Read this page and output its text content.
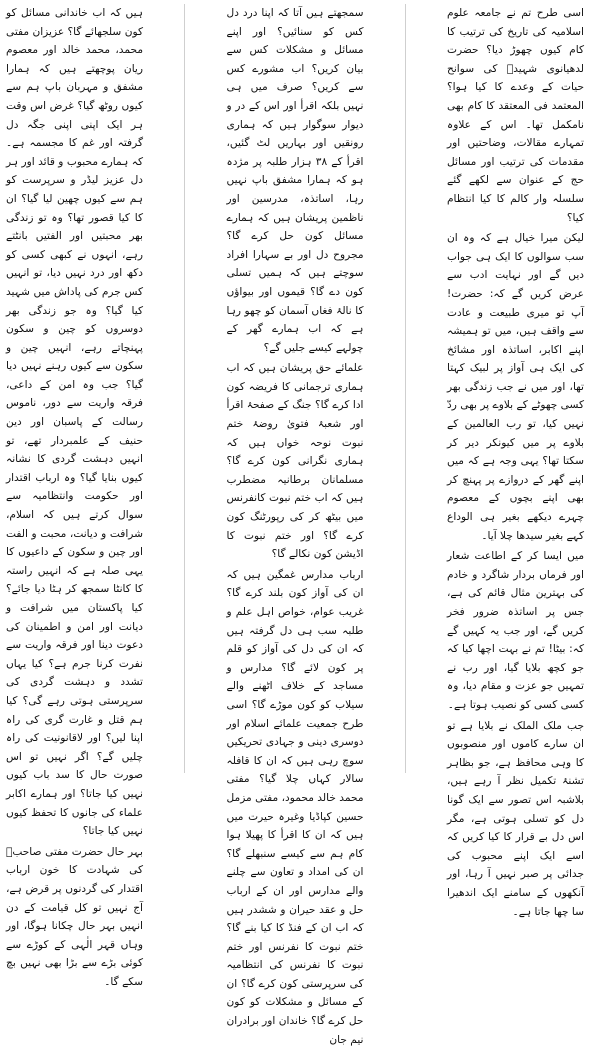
اسی طرح تم نے جامعہ علوم اسلامیہ کی تاریخ کی ترتیب کا کام کیوں چھوڑ دیا؟ حضرت لدھیانوی شہیدؒ کی سوانح حیات کے وعدے کا کیا ہوا؟ المعتمد فی المعتقد کا کام بھی نامکمل تھا۔ اس کے علاوہ تمہارے مقالات، وضاحتیں اور مقدمات کی ترتیب اور مسائل حج کے عنوان سے لکھے گئے سلسلہ وار کالم کا کیا انتظام کیا؟

لیکن میرا خیال ہے کہ وہ ان سب سوالوں کا ایک ہی جواب دیں گے اور نہایت ادب سے عرض کریں گے کہ: حضرت! آپ تو میری طبیعت و عادت سے واقف ہیں، میں تو ہمیشہ اپنے اکابر، اساتذہ اور مشائخ کی ایک ہی آواز پر لبیک کہتا تھا، اور میں نے جب زندگی بھر کسی چھوٹے کے بلاوے پر بھی ردّ نہیں کیا، تو رب العالمین کے بلاوے پر میں کیونکر دیر کر سکتا تھا؟ یہی وجہ ہے کہ میں اپنے گھر کے دروازے پر پہنچ کر بھی اپنے بچوں کے معصوم چہرے دیکھے بغیر ہی الوداع کہے بغیر سیدھا چلا آیا۔

میں ایسا کر کے اطاعت شعار اور فرماں بردار شاگرد و خادم کی بہترین مثال قائم کی ہے، جس پر اساتذہ ضرور فخر کریں گے، اور جب یہ کہیں گے کہ: بیٹا! تم نے بہت اچھا کیا کہ جو کچھ بلایا گیا، اور رب نے تمہیں جو عزت و مقام دیا، وہ کسی کسی کو نصیب ہوتا ہے۔

جب ملک الملک نے بلایا ہے تو ان سارے کاموں اور منصوبوں کا وہی محافظ ہے، جو بظاہر تشنۂ تکمیل نظر آ رہے ہیں، بلاشبہ اس تصور سے ایک گونا دل کو تسلی ہوتی ہے، مگر اس دل بے قرار کا کیا کریں کہ اسے ایک اپنے محبوب کی جدائی پر صبر نہیں آ رہا، اور آنکھوں کے سامنے ایک اندھیرا سا چھا جاتا ہے۔

سمجھتے ہیں آتا کہ اپنا درد دل کس کو سنائیں؟ اور اپنے مسائل و مشکلات کس سے بیان کریں؟ اب مشورے کس سے کریں؟ صرف میں ہی نہیں بلکہ اقرأ اور اس کے در و دیوار سوگوار ہیں کہ ہماری رونقیں اور بہاریں لٹ گئیں، اقرأ کے ۳۸ ہزار طلبہ پر مژدہ ہو کہ ہمارا مشفق باپ نہیں رہا، اساتذہ، مدرسین اور ناظمین پریشان ہیں کہ ہمارے مسائل کون حل کرے گا؟ مجروح دل اور بے سہارا افراد سوچتے ہیں کہ ہمیں تسلی کون دے گا؟ قیموں اور بیواؤں کا نالۂ فغاں آسمان کو چھو رہا ہے کہ اب ہمارے گھر کے چولہے کیسے جلیں گے؟

علمائے حق پریشان ہیں کہ اب ہماری ترجمانی کا فریضہ کون ادا کرے گا؟ جنگ کے صفحۂ اقرأ اور شعبۂ فتویٰ روضۂ ختم نبوت نوحہ خواں ہیں کہ ہماری نگرانی کون کرے گا؟ مسلمانان برطانیہ مضطرب ہیں کہ اب ختم نبوت کانفرنس میں بیٹھ کر کی رپورٹنگ کون کرے گا؟ اور ختم نبوت کا اڈیشن کون نکالے گا؟

ارباب مدارس غمگین ہیں کہ ان کی آواز کون بلند کرے گا؟ غریب عوام، خواص اہل علم و طلبہ سب ہی دل گرفتہ ہیں کہ ان کی دل کی آواز کو قلم پر کون لائے گا؟ مدارس و مساجد کے خلاف اٹھنے والے سیلاب کو کون موڑے گا؟ اسی طرح جمعیت علمائے اسلام اور دوسری دینی و جہادی تحریکیں سوچ رہی ہیں کہ ان کا قافلہ سالار کہاں چلا گیا؟ مفتی محمد خالد محمود، مفتی مزمل حسین کپاڈیا وغیرہ حیرت میں ہیں کہ ان کا اقرأ کا پھیلا ہوا کام ہم سے کیسے سنبھلے گا؟ ان کی امداد و تعاون سے چلنے والے مدارس اور ان کے ارباب حل و عقد حیران و ششدر ہیں کہ اب ان کے فنڈ کا کیا بنے گا؟ ختم نبوت کا نفرنس اور ختم نبوت کا نفرنس کی انتظامیہ کی سرپرستی کون کرے گا؟ ان کے مسائل و مشکلات کو کون حل کرے گا؟ خاندان اور برادران نیم جان

ہیں کہ اب خاندانی مسائل کو کون سلجھائے گا؟ عزیزان مفتی محمد، محمد خالد اور معصوم ریان پوچھتے ہیں کہ ہمارا مشفق و مہربان باپ ہم سے کیوں روٹھ گیا؟ غرض اس وقت ہر ایک اپنی اپنی جگہ دل گرفتہ اور غم کا مجسمہ ہے۔ کہ ہمارے محبوب و قائد اور ہر دل عزیز لیڈر و سرپرست کو ہم سے کیوں چھین لیا گیا؟ ان کا کیا قصور تھا؟ وہ تو زندگی بھر محبتیں اور الفتیں بانٹتے رہے، انہوں نے کبھی کسی کو دکھ اور درد نہیں دیا، تو انہیں کس جرم کی پاداش میں شہید کیا گیا؟ وہ جو زندگی بھر دوسروں کو چین و سکون پہنچاتے رہے، انہیں چین و سکون سے کیوں رہنے نہیں دیا گیا؟ جب وہ امن کے داعی، فرقہ واریت سے دور، ناموس رسالت کے پاسبان اور دین حنیف کے علمبردار تھے، تو انہیں دہشت گردی کا نشانہ کیوں بنایا گیا؟ وہ ارباب اقتدار اور حکومت وانتظامیہ سے سوال کرتے ہیں کہ اسلام، شرافت و دیانت، محبت و الفت اور چین و سکون کے داعیوں کا یہی صلہ ہے کہ انہیں راستہ کا کانٹا سمجھ کر ہٹا دیا جائے؟ کیا پاکستان میں شرافت و دیانت اور امن و اطمینان کی دعوت دینا اور فرقہ واریت سے نفرت کرنا جرم ہے؟ کیا یہاں تشدد و دہشت گردی کی سرپرستی ہوتی رہے گی؟ کیا ہم قتل و غارت گری کی راہ اپنا لیں؟ اور لاقانونیت کی راہ چلیں گے؟ اگر نہیں تو اس صورت حال کا سد باب کیوں نہیں کیا جاتا؟ اور ہمارے اکابر علماء کی جانوں کا تحفظ کیوں نہیں کیا جاتا؟

بہر حال حضرت مفتی صاحبؒ کی شہادت کا خون ارباب اقتدار کی گردنوں پر قرض ہے، آج نہیں تو کل قیامت کے دن انہیں بہر حال چکانا ہوگا، اور وہاں قہر الٰہی کے کوڑے سے کوئی بڑے سے بڑا بھی نہیں بچ سکے گا۔
